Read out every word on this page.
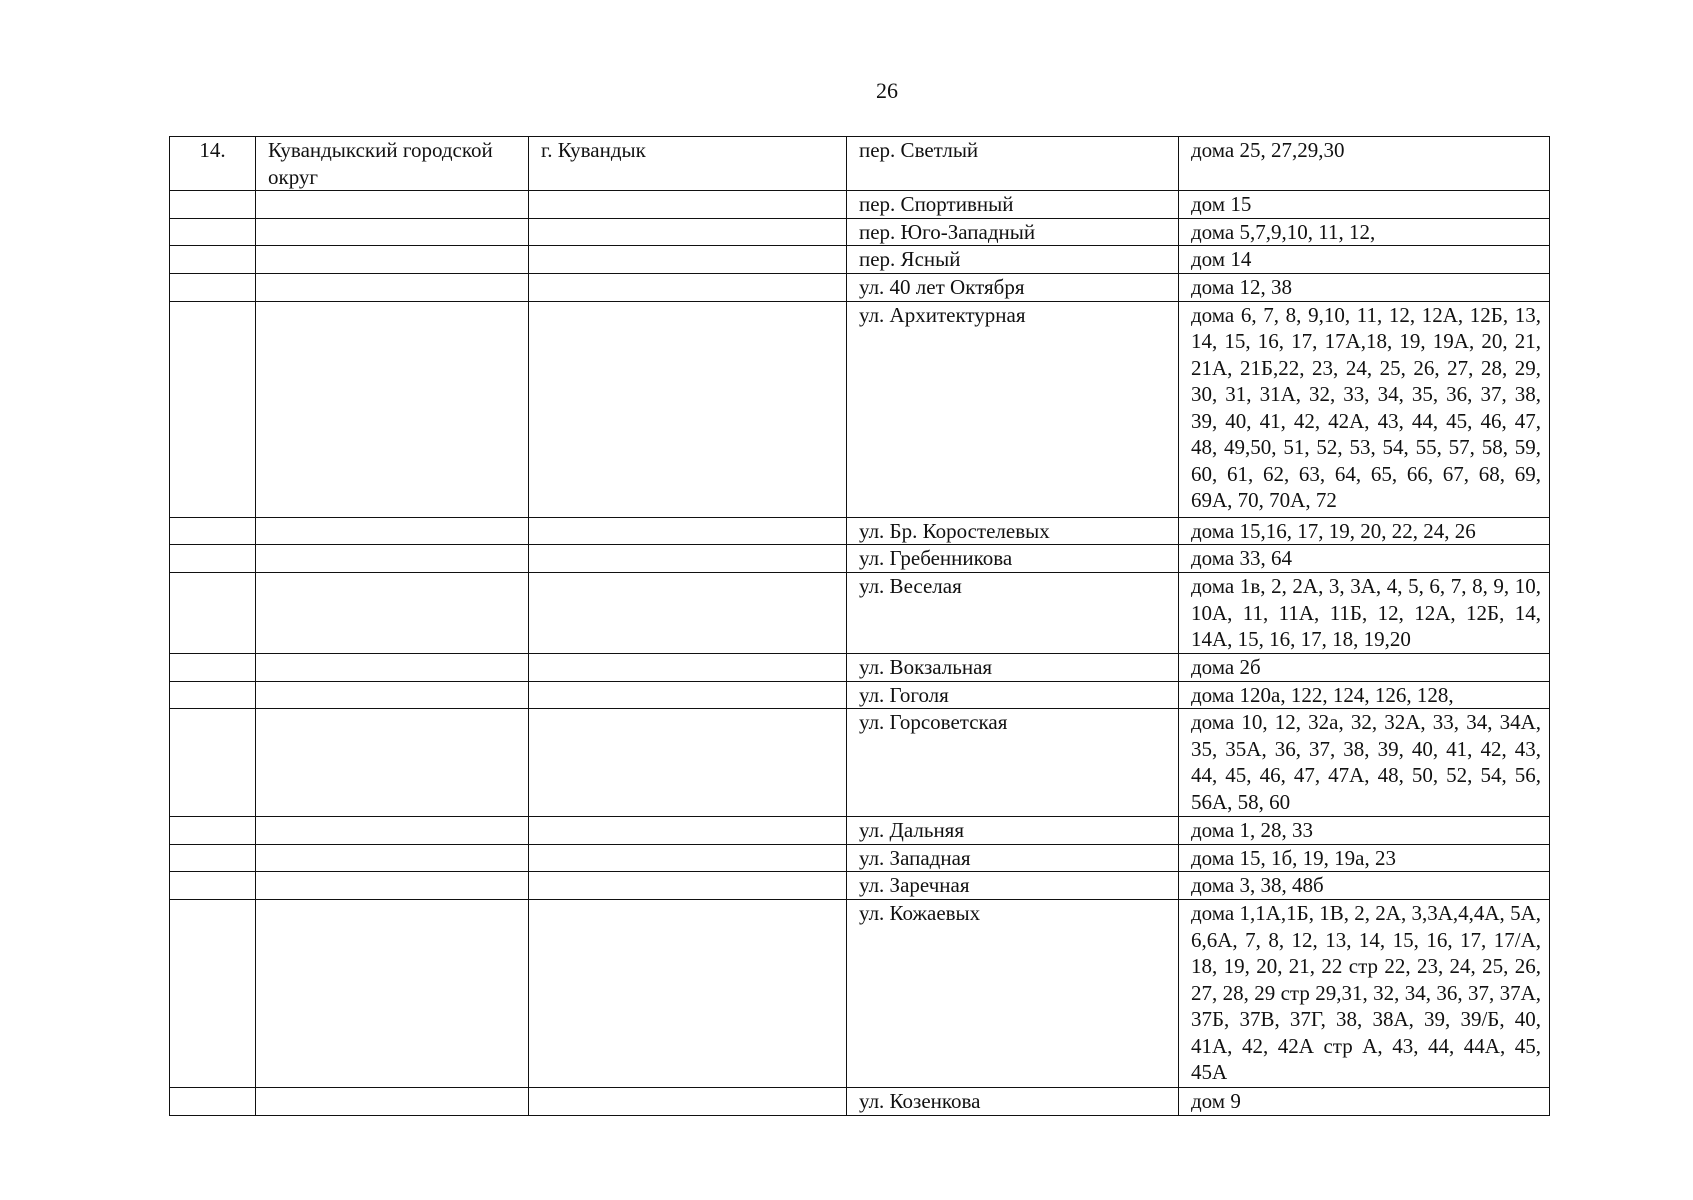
26
14.	Кувандыкский городской округ	г. Кувандык	пер. Светлый	дома 25, 27,29,30
			пер. Спортивный	дом 15
			пер. Юго-Западный	дома 5,7,9,10, 11, 12,
			пер. Ясный	дом 14
			ул. 40 лет Октября	дома 12, 38
			ул. Архитектурная	дома 6, 7, 8, 9,10, 11, 12, 12А, 12Б, 13, 14, 15, 16, 17, 17А,18, 19, 19А, 20, 21, 21А, 21Б,22, 23, 24, 25, 26, 27, 28, 29, 30, 31, 31А, 32, 33, 34, 35, 36, 37, 38, 39, 40, 41, 42, 42А, 43, 44, 45, 46, 47, 48, 49,50, 51, 52, 53, 54, 55, 57, 58, 59, 60, 61, 62, 63, 64, 65, 66, 67, 68, 69, 69А, 70, 70А, 72
			ул. Бр. Коростелевых	дома 15,16, 17, 19, 20, 22, 24, 26
			ул. Гребенникова	дома 33, 64
			ул. Веселая	дома 1в, 2, 2А, 3, 3А, 4, 5, 6, 7, 8, 9, 10, 10А, 11, 11А, 11Б, 12, 12А, 12Б, 14, 14А, 15, 16, 17, 18, 19,20
			ул. Вокзальная	дома 2б
			ул. Гоголя	дома 120а, 122, 124, 126, 128,
			ул. Горсоветская	дома 10, 12, 32а, 32, 32А, 33, 34, 34А, 35, 35А, 36, 37, 38, 39, 40, 41, 42, 43, 44, 45, 46, 47, 47А, 48, 50, 52, 54, 56, 56А, 58, 60
			ул. Дальняя	дома 1, 28, 33
			ул. Западная	дома 15, 1б, 19, 19а, 23
			ул. Заречная	дома 3, 38, 48б
			ул. Кожаевых	дома 1,1А,1Б, 1В, 2, 2А, 3,3А,4,4А, 5А, 6,6А, 7, 8, 12, 13, 14, 15, 16, 17, 17/А, 18, 19, 20, 21, 22 стр 22, 23, 24, 25, 26, 27, 28, 29 стр 29,31, 32, 34, 36, 37, 37А, 37Б, 37В, 37Г, 38, 38А, 39, 39/Б, 40, 41А, 42, 42А стр А, 43, 44, 44А, 45, 45А
			ул. Козенкова	дом 9
